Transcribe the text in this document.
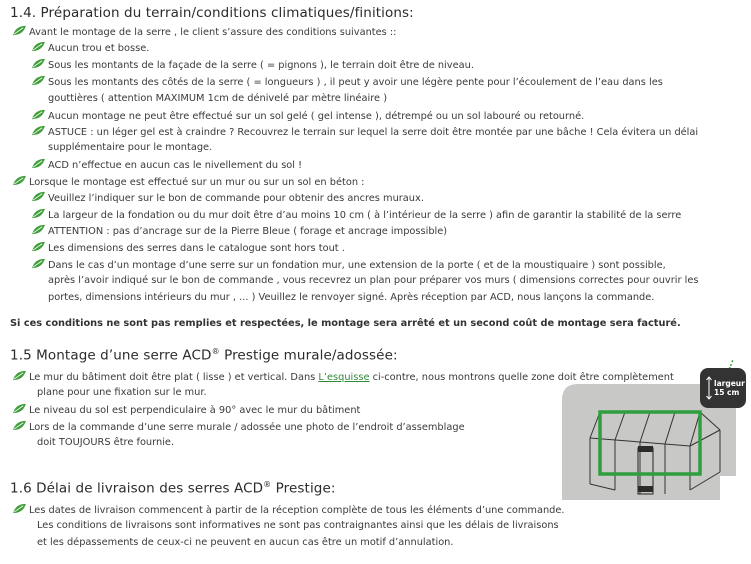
1.4. Préparation du terrain/conditions climatiques/finitions:
Avant le montage de la serre , le client s’assure des conditions suivantes ::
Aucun trou et bosse.
Sous les montants de la façade de la serre ( = pignons ), le terrain doit être de niveau.
Sous les montants des côtés de la serre ( = longueurs ) , il peut y avoir une légère pente pour l’écoulement de l’eau dans les
gouttières ( attention MAXIMUM 1cm de dénivelé par mètre linéaire )
Aucun montage ne peut être effectué sur un sol gelé ( gel intense ), détrempé ou un sol labouré ou retourné.
ASTUCE : un léger gel est à craindre ? Recouvrez le terrain sur lequel la serre doit être montée par une bâche ! Cela évitera un délai
supplémentaire pour le montage.
ACD n’effectue en aucun cas le nivellement du sol !
Lorsque le montage est effectué sur un mur ou sur un sol en béton :
Veuillez l’indiquer sur le bon de commande pour obtenir des ancres muraux.
La largeur de la fondation ou du mur doit être d’au moins 10 cm ( à l’intérieur de la serre ) afin de garantir la stabilité de la serre
ATTENTION : pas d’ancrage sur de la Pierre Bleue ( forage et ancrage impossible)
Les dimensions des serres dans le catalogue sont hors tout .
Dans le cas d’un montage d’une serre sur un fondation mur, une extension de la porte ( et de la moustiquaire ) sont possible,
après l’avoir indiqué sur le bon de commande , vous recevrez un plan pour préparer vos murs ( dimensions correctes pour ouvrir les
portes, dimensions intérieurs du mur , ... ) Veuillez le renvoyer signé. Après réception par ACD, nous lançons la commande.
Si ces conditions ne sont pas remplies et respectées, le montage sera arrêté et un second coût de montage sera facturé.
1.5 Montage d’une serre ACD® Prestige murale/adossée:
Le mur du bâtiment doit être plat ( lisse ) et vertical. Dans L’esquisse ci-contre, nous montrons quelle zone doit être complètement
plane pour une fixation sur le mur.
Le niveau du sol est perpendiculaire à 90° avec le mur du bâtiment
Lors de la commande d’une serre murale / adossée une photo de l’endroit d’assemblage
doit TOUJOURS être fournie.
largeur
15 cm
1.6 Délai de livraison des serres ACD® Prestige:
Les dates de livraison commencent à partir de la réception complète de tous les éléments d’une commande.
Les conditions de livraisons sont informatives ne sont pas contraignantes ainsi que les délais de livraisons
et les dépassements de ceux-ci ne peuvent en aucun cas être un motif d’annulation.
